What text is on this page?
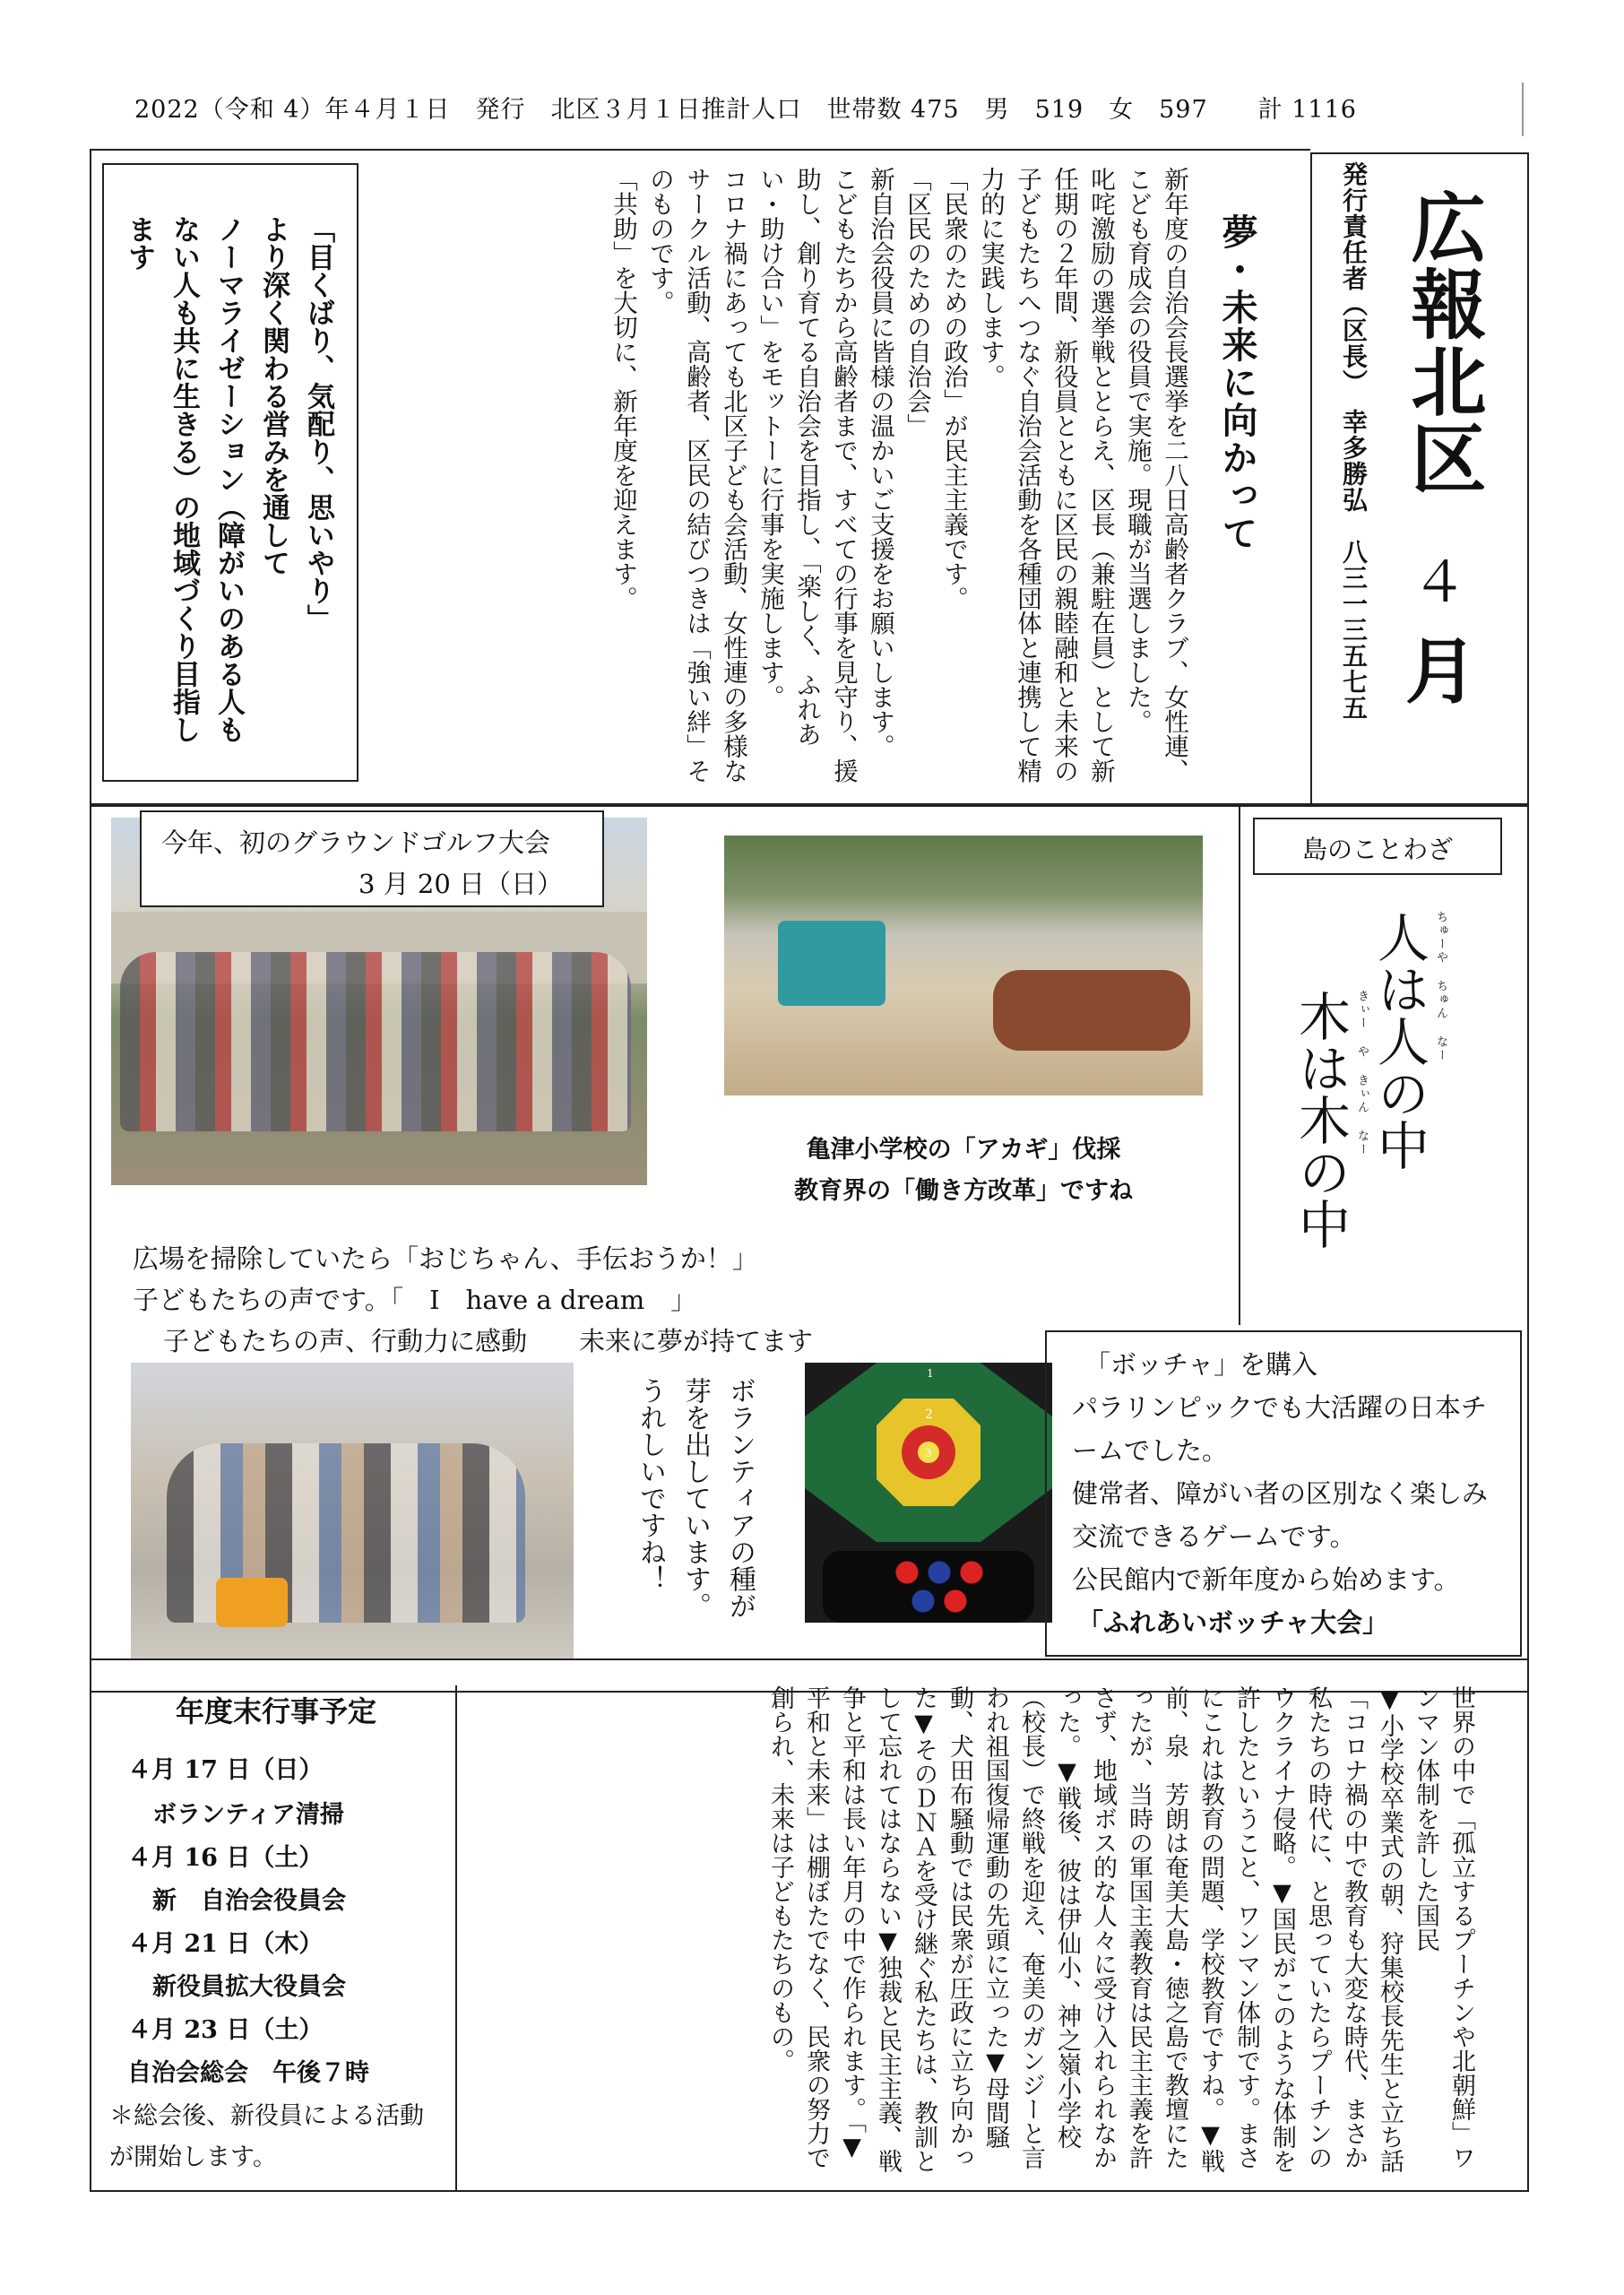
2022（令和 4）年４月１日　発行　北区３月１日推計人口　世帯数 475　男　519　女　597　　計 1116
広報北区
４
月
発行責任者（区長）　幸多勝弘　八三一三五七五
夢・未来に向かって
新年度の自治会長選挙を二八日高齢者クラブ、女性連、こども育成会の役員で実施。現職が当選しました。
叱咤激励の選挙戦ととらえ、区長（兼駐在員）として新任期の２年間、新役員とともに区民の親睦融和と未来の子どもたちへつなぐ自治会活動を各種団体と連携して精力的に実践します。
「民衆のための政治」が民主主義です。
「区民のための自治会」
新自治会役員に皆様の温かいご支援をお願いします。
こどもたちから高齢者まで、すべての行事を見守り、援助し、創り育てる自治会を目指し、「楽しく、ふれあい・助け合い」をモットーに行事を実施します。
コロナ禍にあっても北区子ども会活動、女性連の多様なサークル活動、高齢者、区民の結びつきは「強い絆」そのものです。
「共助」を大切に、新年度を迎えます。
「目くばり、気配り、思いやり」
より深く関わる営みを通して
ノーマライゼーション（障がいのある人もない人も共に生きる）の地域づくり目指します
今年、初のグラウンドゴルフ大会
3 月 20 日（日）
亀津小学校の「アカギ」伐採
教育界の「働き方改革」ですね
島のことわざ
人は人の中 ちゅーや ちゅん なー
木は木の中 きぃー や きぃん なー
広場を掃除していたら「おじちゃん、手伝おうか！」
子どもたちの声です。「　I　have a dream　」
子どもたちの声、行動力に感動　　未来に夢が持てます
ボランティアの種が
芽を出しています。
うれしいですね！
1
2
3
「ボッチャ」を購入
パラリンピックでも大活躍の日本チームでした。
健常者、障がい者の区別なく楽しみ交流できるゲームです。
公民館内で新年度から始めます。
「ふれあいボッチャ大会」
年度末行事予定
４月 17 日（日）
ボランティア清掃
４月 16 日（土）
新　自治会役員会
４月 21 日（木）
新役員拡大役員会
４月 23 日（土）
自治会総会　午後７時
＊総会後、新役員による活動が開始します。	世界の中で「孤立するプーチンや北朝鮮」ワンマン体制を許した国民
▼小学校卒業式の朝、狩集校長先生と立ち話「コロナ禍の中で教育も大変な時代、まさか私たちの時代に、と思っていたらプーチンのウクライナ侵略。▼国民がこのような体制を許したということ、ワンマン体制です。まさにこれは教育の問題、学校教育ですね。▼戦前、泉　芳朗は奄美大島・徳之島で教壇にたったが、当時の軍国主義教育は民主主義を許さず、地域ボス的な人々に受け入れられなかった。▼戦後、彼は伊仙小、神之嶺小学校（校長）で終戦を迎え、奄美のガンジーと言われ祖国復帰運動の先頭に立った▼母間騒動、犬田布騒動では民衆が圧政に立ち向かった▼そのＤＮＡを受け継ぐ私たちは、教訓として忘れてはならない▼独裁と民主主義、戦争と平和は長い年月の中で作られます。「▼平和と未来」は棚ぼたでなく、民衆の努力で創られ、未来は子どもたちのもの。
